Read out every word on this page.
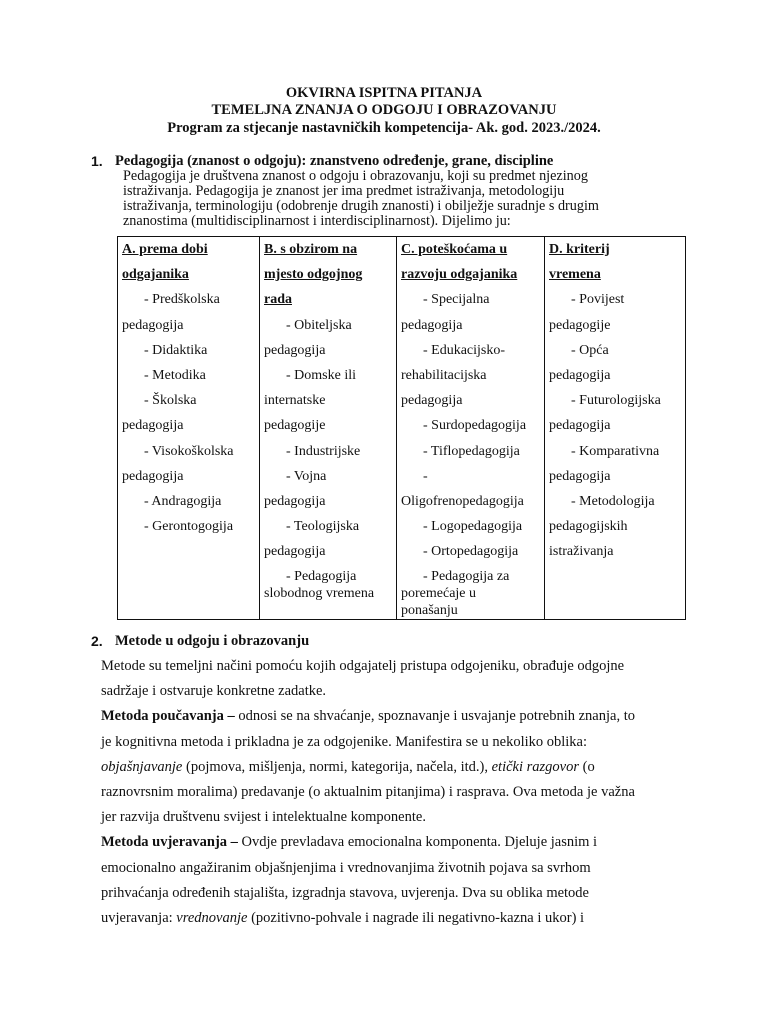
OKVIRNA ISPITNA PITANJA
TEMELJNA ZNANJA O ODGOJU I OBRAZOVANJU
Program za stjecanje nastavničkih kompetencija- Ak. god. 2023./2024.
1. Pedagogija (znanost o odgoju): znanstveno određenje, grane, discipline
Pedagogija je društvena znanost o odgoju i obrazovanju, koji su predmet njezinog
istraživanja. Pedagogija je znanost jer ima predmet istraživanja, metodologiju
istraživanja, terminologiju (odobrenje drugih znanosti) i obilježje suradnje s drugim
znanostima (multidisciplinarnost i interdisciplinarnost). Dijelimo ju:
A. prema dobi
odgajanika
- Predškolska
pedagogija
- Didaktika
- Metodika
- Školska
pedagogija
- Visokoškolska
pedagogija
- Andragogija
- Gerontogogija

B. s obzirom na
mjesto odgojnog
rada
- Obiteljska
pedagogija
- Domske ili
internatske
pedagogije
- Industrijske
- Vojna
pedagogija
- Teologijska
pedagogija
- Pedagogija
slobodnog vremena

C. poteškoćama u
razvoju odgajanika
- Specijalna
pedagogija
- Edukacijsko-
rehabilitacijska
pedagogija
- Surdopedagogija
- Tiflopedagogija
-
Oligofrenopedagogija
- Logopedagogija
- Ortopedagogija
- Pedagogija za
poremećaje u
ponašanju

D. kriterij
vremena
- Povijest
pedagogije
- Opća
pedagogija
- Futurologijska
pedagogija
- Komparativna
pedagogija
- Metodologija
pedagogijskih
istraživanja
2. Metode u odgoju i obrazovanju
Metode su temeljni načini pomoću kojih odgajatelj pristupa odgojeniku, obrađuje odgojne
sadržaje i ostvaruje konkretne zadatke.
Metoda poučavanja – odnosi se na shvaćanje, spoznavanje i usvajanje potrebnih znanja, to
je kognitivna metoda i prikladna je za odgojenike. Manifestira se u nekoliko oblika:
objašnjavanje (pojmova, mišljenja, normi, kategorija, načela, itd.), etički razgovor (o
raznovrsnim moralima) predavanje (o aktualnim pitanjima) i rasprava. Ova metoda je važna
jer razvija društvenu svijest i intelektualne komponente.
Metoda uvjeravanja – Ovdje prevladava emocionalna komponenta. Djeluje jasnim i
emocionalno angažiranim objašnjenjima i vrednovanjima životnih pojava sa svrhom
prihvaćanja određenih stajališta, izgradnja stavova, uvjerenja. Dva su oblika metode
uvjeravanja: vrednovanje (pozitivno-pohvale i nagrade ili negativno-kazna i ukor) i
